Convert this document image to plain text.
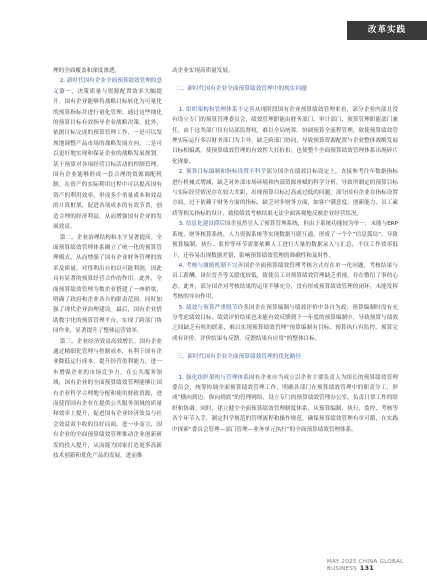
改革实践

理的全面覆盖和深度渗透。

2. 新时代国有企业全面预算绩效管理的意义第一，决策质量与资源配置效率大幅提升。国有企业能够将战略目标转化为可量化的预算指标并进行量化管理，通过这些细化的预算目标有效指导企业战略决策。此外，依据目标完成的预算管理工作，一是可以发现地调整产品市场的战略发展方向，二是可以更好地实现和保证企业的战略发展规划。基于预算对各项经营目标活动的控制管理，国有企业能够形成一套合理的资源调配机制。在资产的实际利用过程中可以提高国有资产的利用效率，形成多个重量成本和效益的计算框架，促进各项成本的有效节省，创造合理的经济利益，从而增强国有企业的发展效益。

第二，企业治理结构和水平显著提高。全面预算绩效管理体系确立了统一化的预算管理模式，从而增强了国有企业财务管理的效率及质量，对得利出台的以可能利润，因此具有显著的预算经营合作的作用。此外，全面预算绩效管理为数企业搭建了一座桥梁，明确了政府和企业各自的职责范围。同时加强了现代企业治理建设。最后，国有企业借助数字化的预算管理平台，实现了跨部门协同作业，显著提升了整体运营效率。

第三，企业经济效益高效增长。国有企业通过精细化管理与控制成本，有利于国有企业降低运行成本，提升经营盈利能力，进一步增强企业的市场竞争力。在公共服务领域，国有企业的全面预算绩效管理能够让国有企业科学合理地分配和使用财政资源，进而使得国有企业在提供公共服务领域的质量和效率上提升，促进国有企业经济效益与社会效益双丰收的良好局面。进一步而言，国有企业的全面预算绩效管理推动企业创新研发的投入提升，从而能为国家打造更多高新技术创新和优化产品的发展，进而推

动企业实现高质量发展。

二、新时代国有企业全面预算绩效管理中的现实问题

1. 组织架构和管理体系不完善从现阶段国有企业预算绩效管理来看，部分企业内部且没有设立专门的预算管理委员会，绩效管理职能由财务部门、审计部门、预算管理职能部门兼任，由于这类部门仅有局部监督权，难以全局统筹、协调预算全流程管理，致使预算绩效管理实际运行多以财务部门为主导，缺乏跨部门协同，导致预算资源配置与企业整体战略发展目标相偏离，使预算绩效管理的有效性大打折扣，也使整个全面预算绩效管理体系出现碎片化现象。

2. 预算目标编制和指标设置不科学部分国企在绩效目标设定上，直接参考往年数据指标进行机械式增减，缺乏对外部市场环境和内部资源禀赋的科学分析，导致所制定的预算目标与实际经营情况存在较大差距，出现预算目标过高或过低的问题。部分国有企业在指标设置方面，过于依赖于财务方面的指标，缺乏对非财务方面，如客户满意度、创新能力、员工素质等相关指标的设计，致使绩效考核结果无法全面客观地反映企业经营状况。

3. 信息化建设滞后国企虽然引入了预算管理系统，但由于系统功能较为单一，未能与ERP系统、财务核算系统、人力资源系统等实现数据互联互通，形成了一个个“信息孤岛”，导致预算编制、执行、监控等环节需要依赖人工进行大量的数据录入与汇总，不仅工作效率低下，还容易出现数据差错，影响预算绩效管理的准确性和及时性。

4. 考核与激励机制不完善国企全面预算绩效管理考核方式存在单一化问题，考核结果与员工薪酬、岗位晋升等关联度较低，致使员工对预算绩效管理缺乏重视，存在敷衍了事的心态。此外，部分国企对考核结果的运用不够充分，没有形成预算绩效管理的闭环，未能发挥考核的导向作用。

5. 绩效与预算严重脱节许多国企在预算编制与绩效评价中各自为政，预算编制时没有充分考虑绩效目标，绩效评价结果也未能有效反馈到下一年度的预算编制中，导致预算与绩效之间缺乏有机的联系，难以实现预算绩效管理“预算编制有目标、预算执行有监控、预算完成有评价、评价结果有反馈、反馈结果有应用”的整体目标。

三、新时代国有企业全面预算绩效管理的优化路径

1. 强化组织架构与管理体系国有企业应当成立以企业主要负责人为组长的预算绩效管理委员会，统筹协调全面预算绩效管理工作，明确各部门在预算绩效管理中的职责分工，形成“横向到边、纵向到底”的管理网络，设立专门的预算绩效管理办公室，负责日常工作的组织和协调。同时，建立健全全面预算绩效管理制度体系，从预算编制、执行、监控、考核等各个环节入手，制定科学规范的管理流程和操作规范，确保预算绩效管理有章可循，在实践中探索“委员会管理—部门管理—业务单元执行”的全面预算绩效管理体系。

MAY 2025 CHINA GLOBAL BUSINESS 131
